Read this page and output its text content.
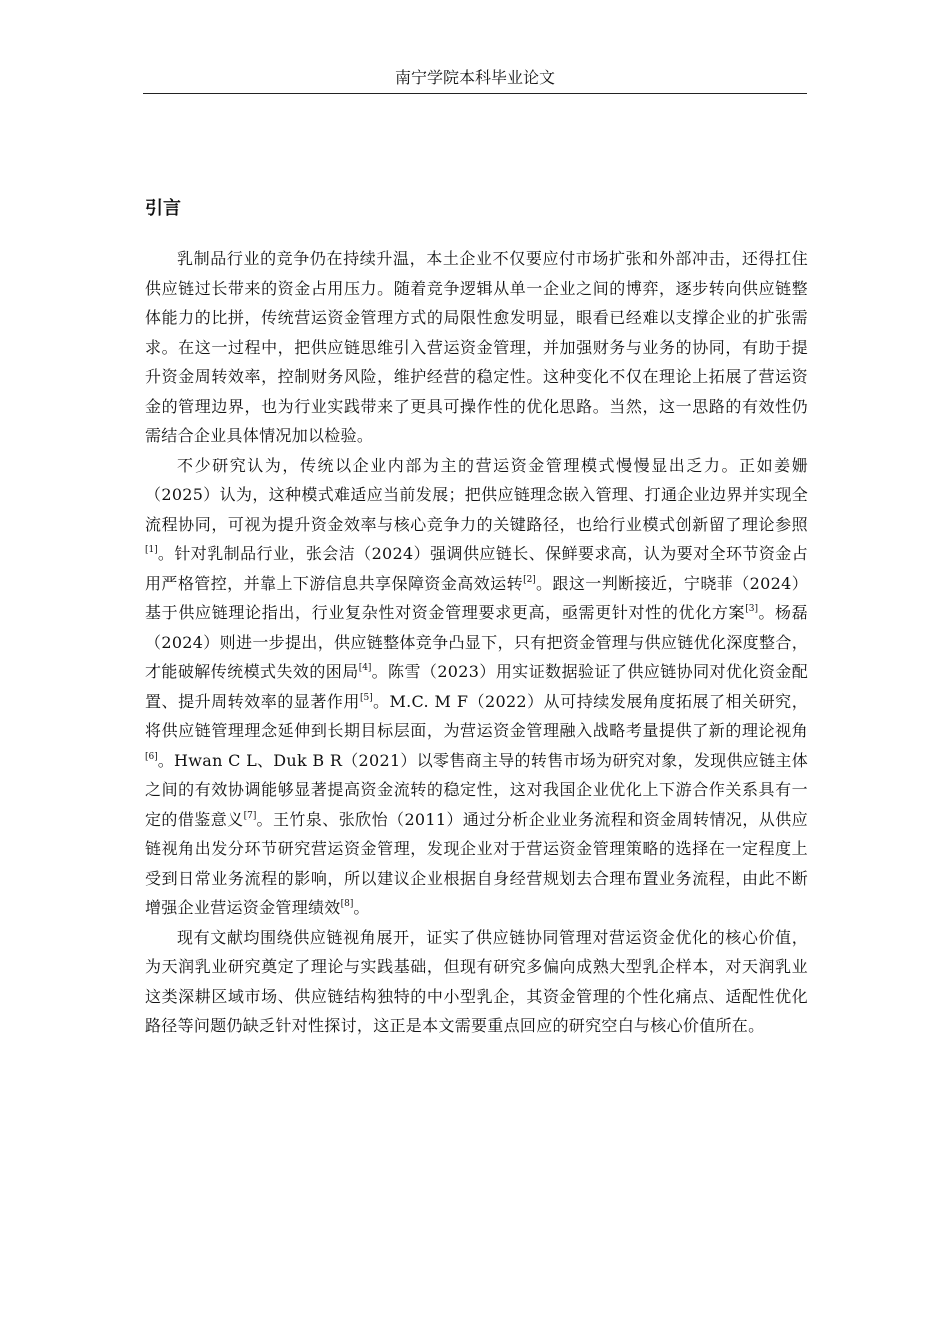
南宁学院本科毕业论文
引言

乳制品行业的竞争仍在持续升温，本土企业不仅要应付市场扩张和外部冲击，还得扛住供应链过长带来的资金占用压力。随着竞争逻辑从单一企业之间的博弈，逐步转向供应链整体能力的比拼，传统营运资金管理方式的局限性愈发明显，眼看已经难以支撑企业的扩张需求。在这一过程中，把供应链思维引入营运资金管理，并加强财务与业务的协同，有助于提升资金周转效率，控制财务风险，维护经营的稳定性。这种变化不仅在理论上拓展了营运资金的管理边界，也为行业实践带来了更具可操作性的优化思路。当然，这一思路的有效性仍需结合企业具体情况加以检验。

不少研究认为，传统以企业内部为主的营运资金管理模式慢慢显出乏力。正如姜姗（2025）认为，这种模式难适应当前发展；把供应链理念嵌入管理、打通企业边界并实现全流程协同，可视为提升资金效率与核心竞争力的关键路径，也给行业模式创新留了理论参照[1]。针对乳制品行业，张会洁（2024）强调供应链长、保鲜要求高，认为要对全环节资金占用严格管控，并靠上下游信息共享保障资金高效运转[2]。跟这一判断接近，宁晓菲（2024）基于供应链理论指出，行业复杂性对资金管理要求更高，亟需更针对性的优化方案[3]。杨磊（2024）则进一步提出，供应链整体竞争凸显下，只有把资金管理与供应链优化深度整合，才能破解传统模式失效的困局[4]。陈雪（2023）用实证数据验证了供应链协同对优化资金配置、提升周转效率的显著作用[5]。M.C. M F（2022）从可持续发展角度拓展了相关研究，将供应链管理理念延伸到长期目标层面，为营运资金管理融入战略考量提供了新的理论视角[6]。Hwan C L、Duk B R（2021）以零售商主导的转售市场为研究对象，发现供应链主体之间的有效协调能够显著提高资金流转的稳定性，这对我国企业优化上下游合作关系具有一定的借鉴意义[7]。王竹泉、张欣怡（2011）通过分析企业业务流程和资金周转情况，从供应链视角出发分环节研究营运资金管理，发现企业对于营运资金管理策略的选择在一定程度上受到日常业务流程的影响，所以建议企业根据自身经营规划去合理布置业务流程，由此不断增强企业营运资金管理绩效[8]。

现有文献均围绕供应链视角展开，证实了供应链协同管理对营运资金优化的核心价值，为天润乳业研究奠定了理论与实践基础，但现有研究多偏向成熟大型乳企样本，对天润乳业这类深耕区域市场、供应链结构独特的中小型乳企，其资金管理的个性化痛点、适配性优化路径等问题仍缺乏针对性探讨，这正是本文需要重点回应的研究空白与核心价值所在。
